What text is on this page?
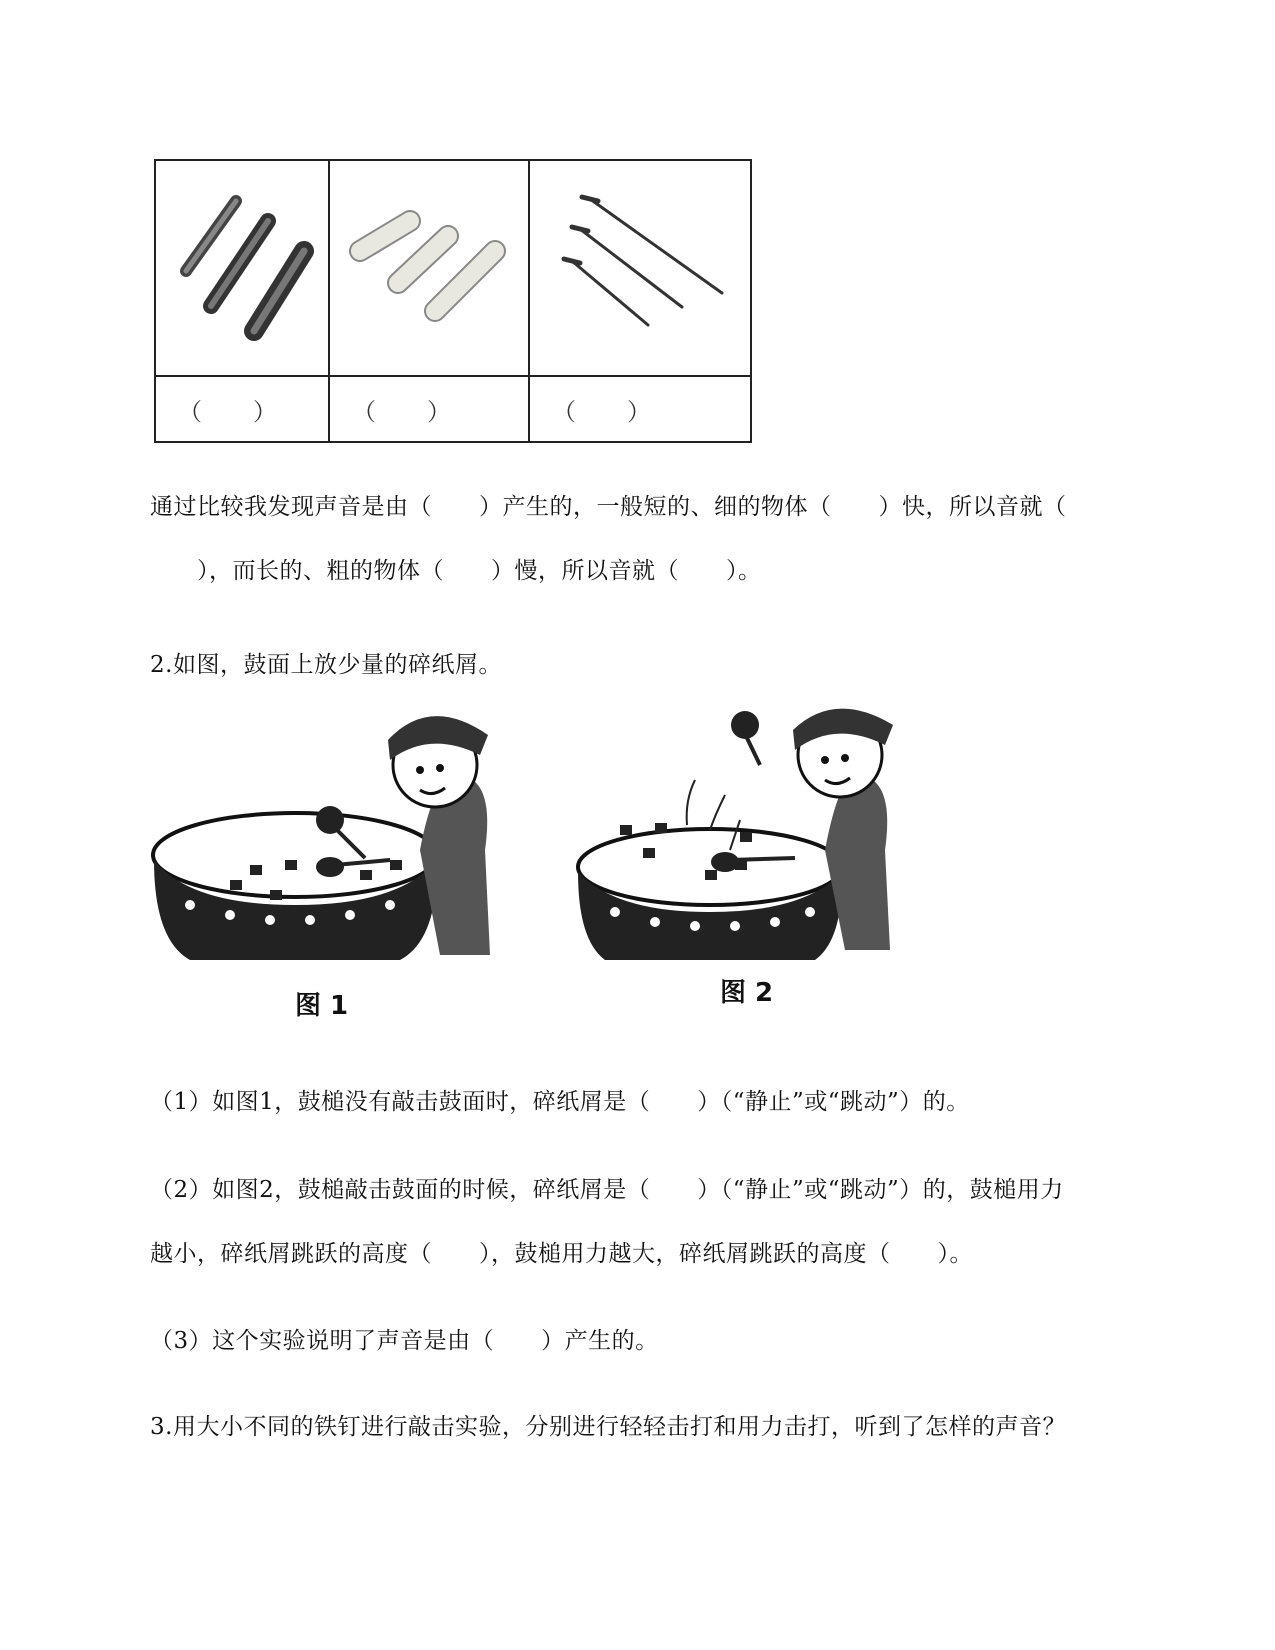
（　　）	（　　）	（　　）
通过比较我发现声音是由（　　）产生的，一般短的、细的物体（　　）快，所以音就（
　　），而长的、粗的物体（　　）慢，所以音就（　　）。
2.如图，鼓面上放少量的碎纸屑。
图 1	图 2
（1）如图1，鼓槌没有敲击鼓面时，碎纸屑是（　　）（“静止”或“跳动”）的。
（2）如图2，鼓槌敲击鼓面的时候，碎纸屑是（　　）（“静止”或“跳动”）的，鼓槌用力
越小，碎纸屑跳跃的高度（　　），鼓槌用力越大，碎纸屑跳跃的高度（　　）。
（3）这个实验说明了声音是由（　　）产生的。
3.用大小不同的铁钉进行敲击实验，分别进行轻轻击打和用力击打，听到了怎样的声音？
